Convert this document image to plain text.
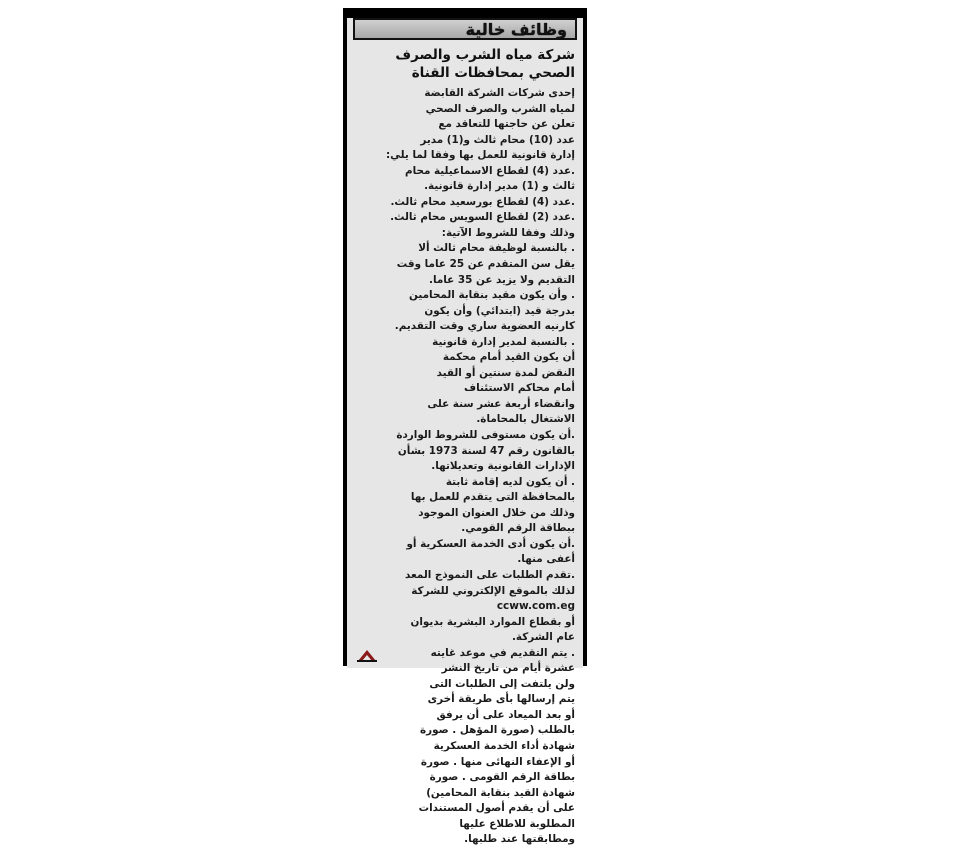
وظائف خالية
شركة مياه الشرب والصرف
الصحي بمحافظات القناة

إحدى شركات الشركة القابضة

لمياه الشرب والصرف الصحي

تعلن عن حاجتها للتعاقد مع

عدد (10) محام ثالث و(1) مدير

إدارة قانونية للعمل بها وفقا لما يلي:

.عدد (4) لقطاع الاسماعيلية محام

ثالث و (1) مدير إدارة قانونية.

.عدد (4) لقطاع بورسعيد محام ثالث.

.عدد (2) لقطاع السويس محام ثالث.

وذلك وفقا للشروط الآتية:

. بالنسبة لوظيفة محام ثالث ألا

يقل سن المتقدم عن 25 عاما وقت

التقديم ولا يزيد عن 35 عاما.

. وأن يكون مقيد بنقابة المحامين

بدرجة قيد (ابتدائي) وأن يكون

كارنيه العضوية ساري وقت التقديم.

. بالنسبة لمدير إدارة قانونية

أن يكون القيد أمام محكمة

النقض لمدة سنتين أو القيد

أمام محاكم الاستئناف

وانقضاء أربعة عشر سنة على

الاشتغال بالمحاماة.

.أن يكون مستوفى للشروط الواردة

بالقانون رقم 47 لسنة 1973 بشأن

الإدارات القانونية وتعديلاتها.

. أن يكون لديه إقامة ثابتة

بالمحافظة التى يتقدم للعمل بها

وذلك من خلال العنوان الموجود

ببطاقة الرقم القومي.

.أن يكون أدى الخدمة العسكرية أو

أعفى منها.

.تقدم الطلبات على النموذج المعد

لذلك بالموقع الإلكتروني للشركة

ccww.com.eg

أو بقطاع الموارد البشرية بديوان

عام الشركة.

. يتم التقديم في موعد غايته

عشرة أيام من تاريخ النشر

ولن يلتفت إلى الطلبات التى

يتم إرسالها بأى طريقة أخرى

أو بعد الميعاد على أن يرفق

بالطلب (صورة المؤهل . صورة

شهادة أداء الخدمة العسكرية

أو الإعفاء النهائى منها . صورة

بطاقة الرقم القومى . صورة

شهادة القيد بنقابة المحامين)

على أن يقدم أصول المستندات

المطلوبة للاطلاع عليها

ومطابقتها عند طلبها.
